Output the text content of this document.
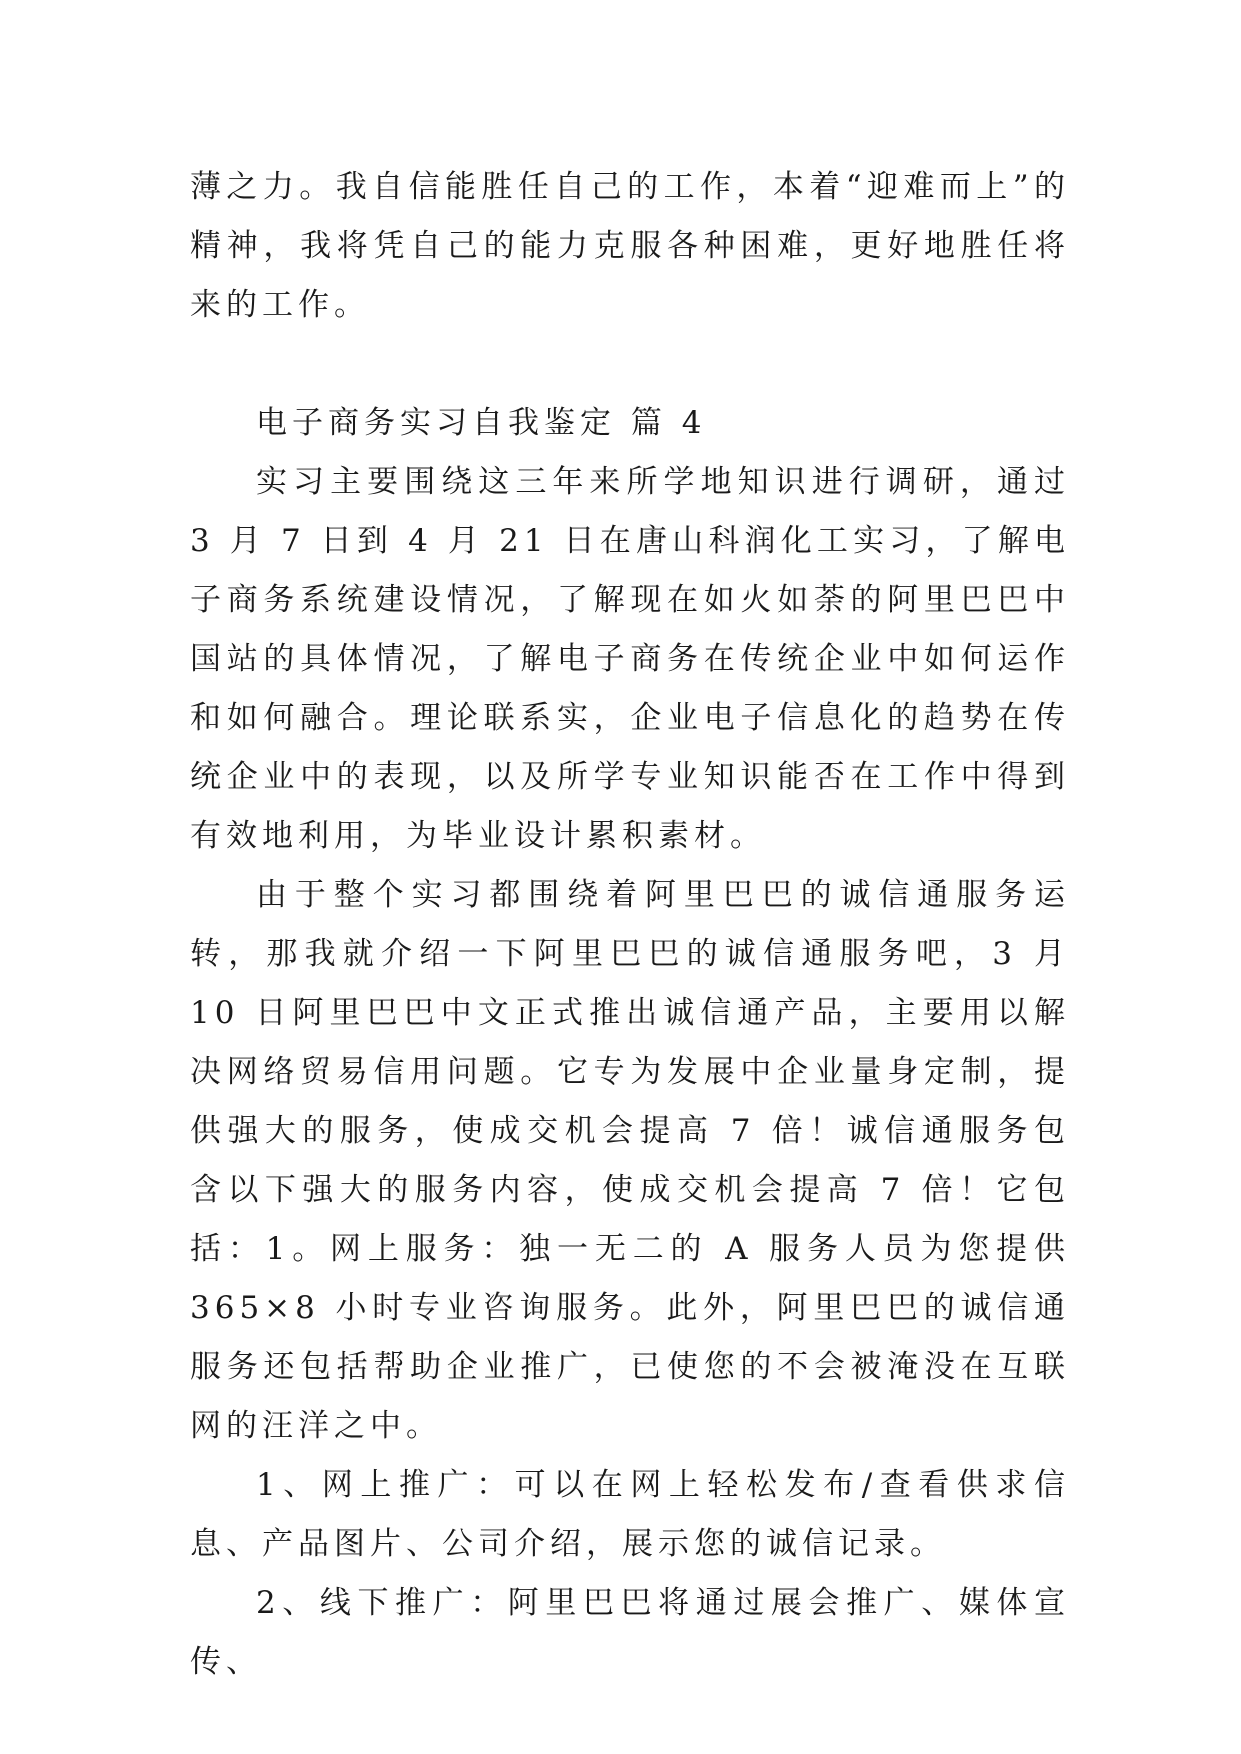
薄之力。我自信能胜任自己的工作，本着“迎难而上”的精神，我将凭自己的能力克服各种困难，更好地胜任将来的工作。

电子商务实习自我鉴定 篇 4

实习主要围绕这三年来所学地知识进行调研，通过 3 月 7 日到 4 月 21 日在唐山科润化工实习，了解电子商务系统建设情况，了解现在如火如荼的阿里巴巴中国站的具体情况，了解电子商务在传统企业中如何运作和如何融合。理论联系实，企业电子信息化的趋势在传统企业中的表现，以及所学专业知识能否在工作中得到有效地利用，为毕业设计累积素材。

由于整个实习都围绕着阿里巴巴的诚信通服务运转，那我就介绍一下阿里巴巴的诚信通服务吧，3 月 10 日阿里巴巴中文正式推出诚信通产品，主要用以解决网络贸易信用问题。它专为发展中企业量身定制，提供强大的服务，使成交机会提高 7 倍！诚信通服务包含以下强大的服务内容，使成交机会提高 7 倍！它包括：1。网上服务：独一无二的 A 服务人员为您提供 365×8 小时专业咨询服务。此外，阿里巴巴的诚信通服务还包括帮助企业推广，已使您的不会被淹没在互联网的汪洋之中。

1、网上推广：可以在网上轻松发布/查看供求信息、产品图片、公司介绍，展示您的诚信记录。

2、线下推广：阿里巴巴将通过展会推广、媒体宣传、
